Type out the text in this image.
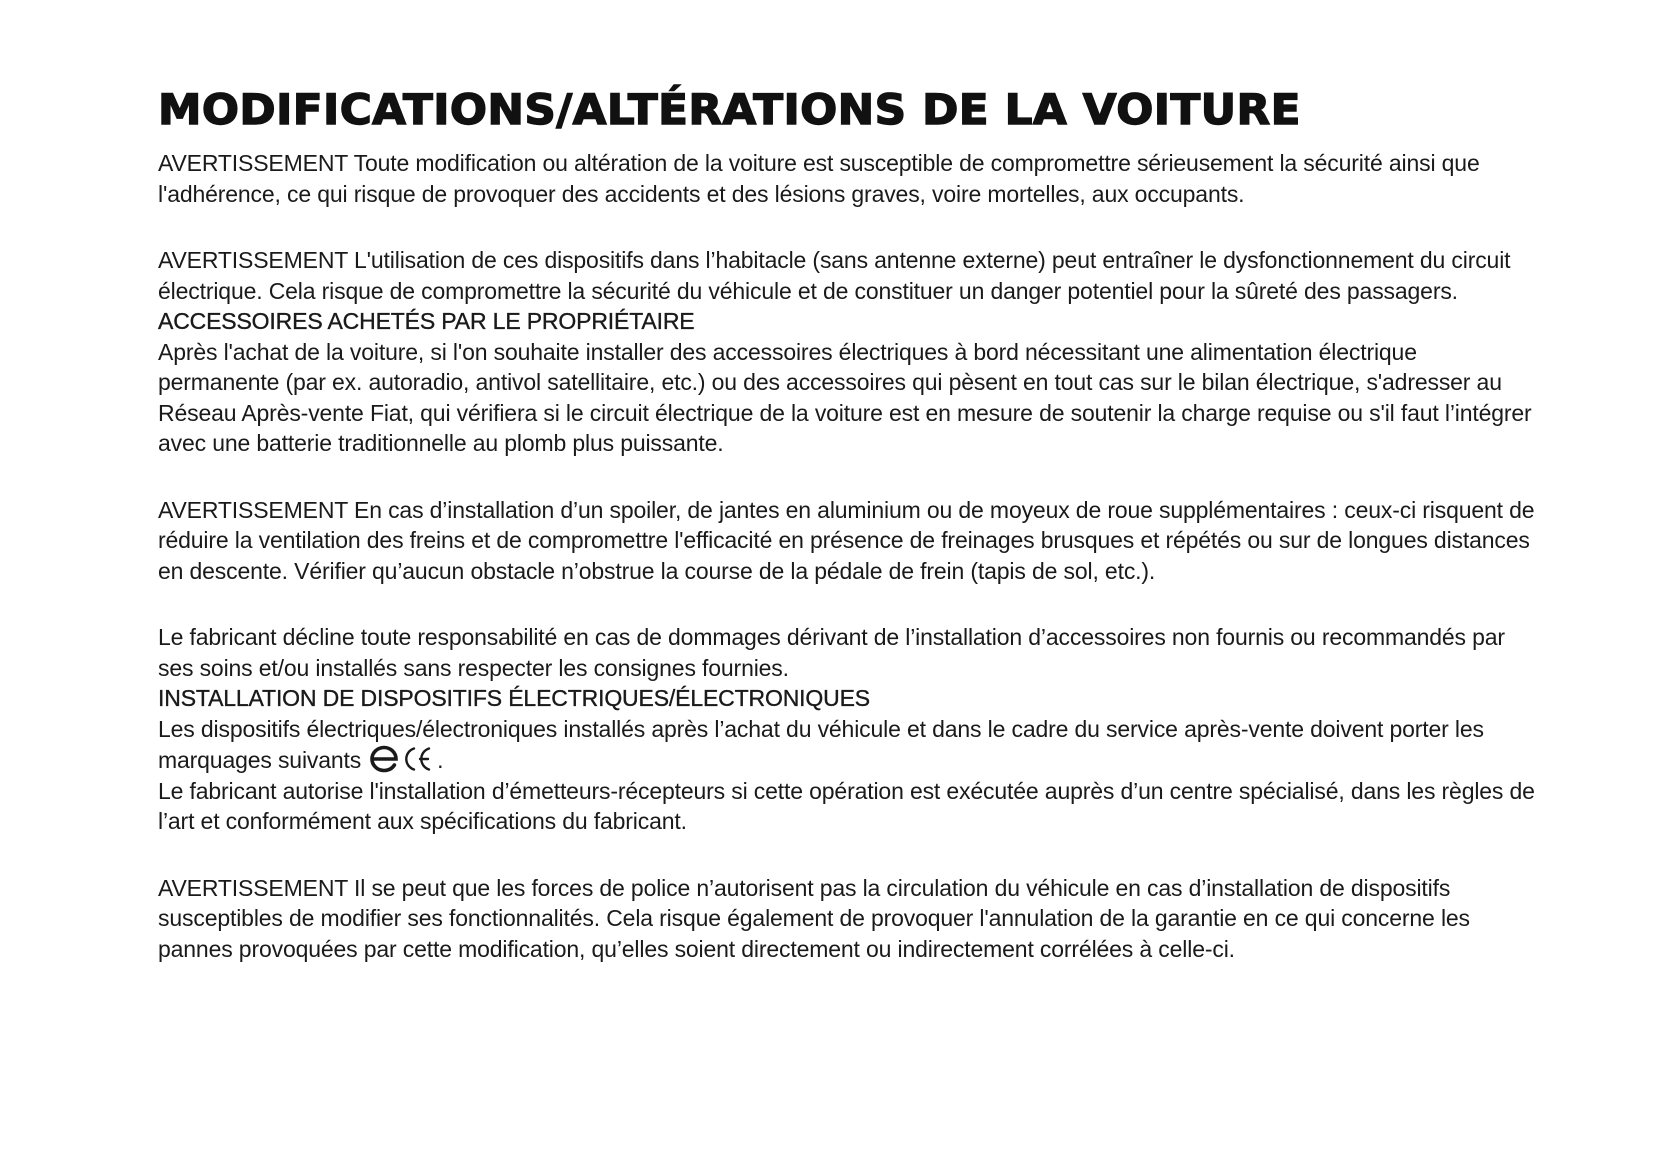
MODIFICATIONS/ALTÉRATIONS DE LA VOITURE

AVERTISSEMENT Toute modification ou altération de la voiture est susceptible de compromettre sérieusement la sécurité ainsi que l'adhérence, ce qui risque de provoquer des accidents et des lésions graves, voire mortelles, aux occupants.

AVERTISSEMENT L'utilisation de ces dispositifs dans l’habitacle (sans antenne externe) peut entraîner le dysfonctionnement du circuit électrique. Cela risque de compromettre la sécurité du véhicule et de constituer un danger potentiel pour la sûreté des passagers.

ACCESSOIRES ACHETÉS PAR LE PROPRIÉTAIRE

Après l'achat de la voiture, si l'on souhaite installer des accessoires électriques à bord nécessitant une alimentation électrique permanente (par ex. autoradio, antivol satellitaire, etc.) ou des accessoires qui pèsent en tout cas sur le bilan électrique, s'adresser au Réseau Après-vente Fiat, qui vérifiera si le circuit électrique de la voiture est en mesure de soutenir la charge requise ou s'il faut l’intégrer avec une batterie traditionnelle au plomb plus puissante.

AVERTISSEMENT En cas d’installation d’un spoiler, de jantes en aluminium ou de moyeux de roue supplémentaires : ceux-ci risquent de réduire la ventilation des freins et de compromettre l'efficacité en présence de freinages brusques et répétés ou sur de longues distances en descente. Vérifier qu’aucun obstacle n’obstrue la course de la pédale de frein (tapis de sol, etc.).

Le fabricant décline toute responsabilité en cas de dommages dérivant de l’installation d’accessoires non fournis ou recommandés par ses soins et/ou installés sans respecter les consignes fournies.

INSTALLATION DE DISPOSITIFS ÉLECTRIQUES/ÉLECTRONIQUES

Les dispositifs électriques/électroniques installés après l’achat du véhicule et dans le cadre du service après-vente doivent porter les marquages suivants	.

Le fabricant autorise l'installation d’émetteurs-récepteurs si cette opération est exécutée auprès d’un centre spécialisé, dans les règles de l’art et conformément aux spécifications du fabricant.

AVERTISSEMENT Il se peut que les forces de police n’autorisent pas la circulation du véhicule en cas d’installation de dispositifs susceptibles de modifier ses fonctionnalités. Cela risque également de provoquer l'annulation de la garantie en ce qui concerne les pannes provoquées par cette modification, qu’elles soient directement ou indirectement corrélées à celle-ci.
